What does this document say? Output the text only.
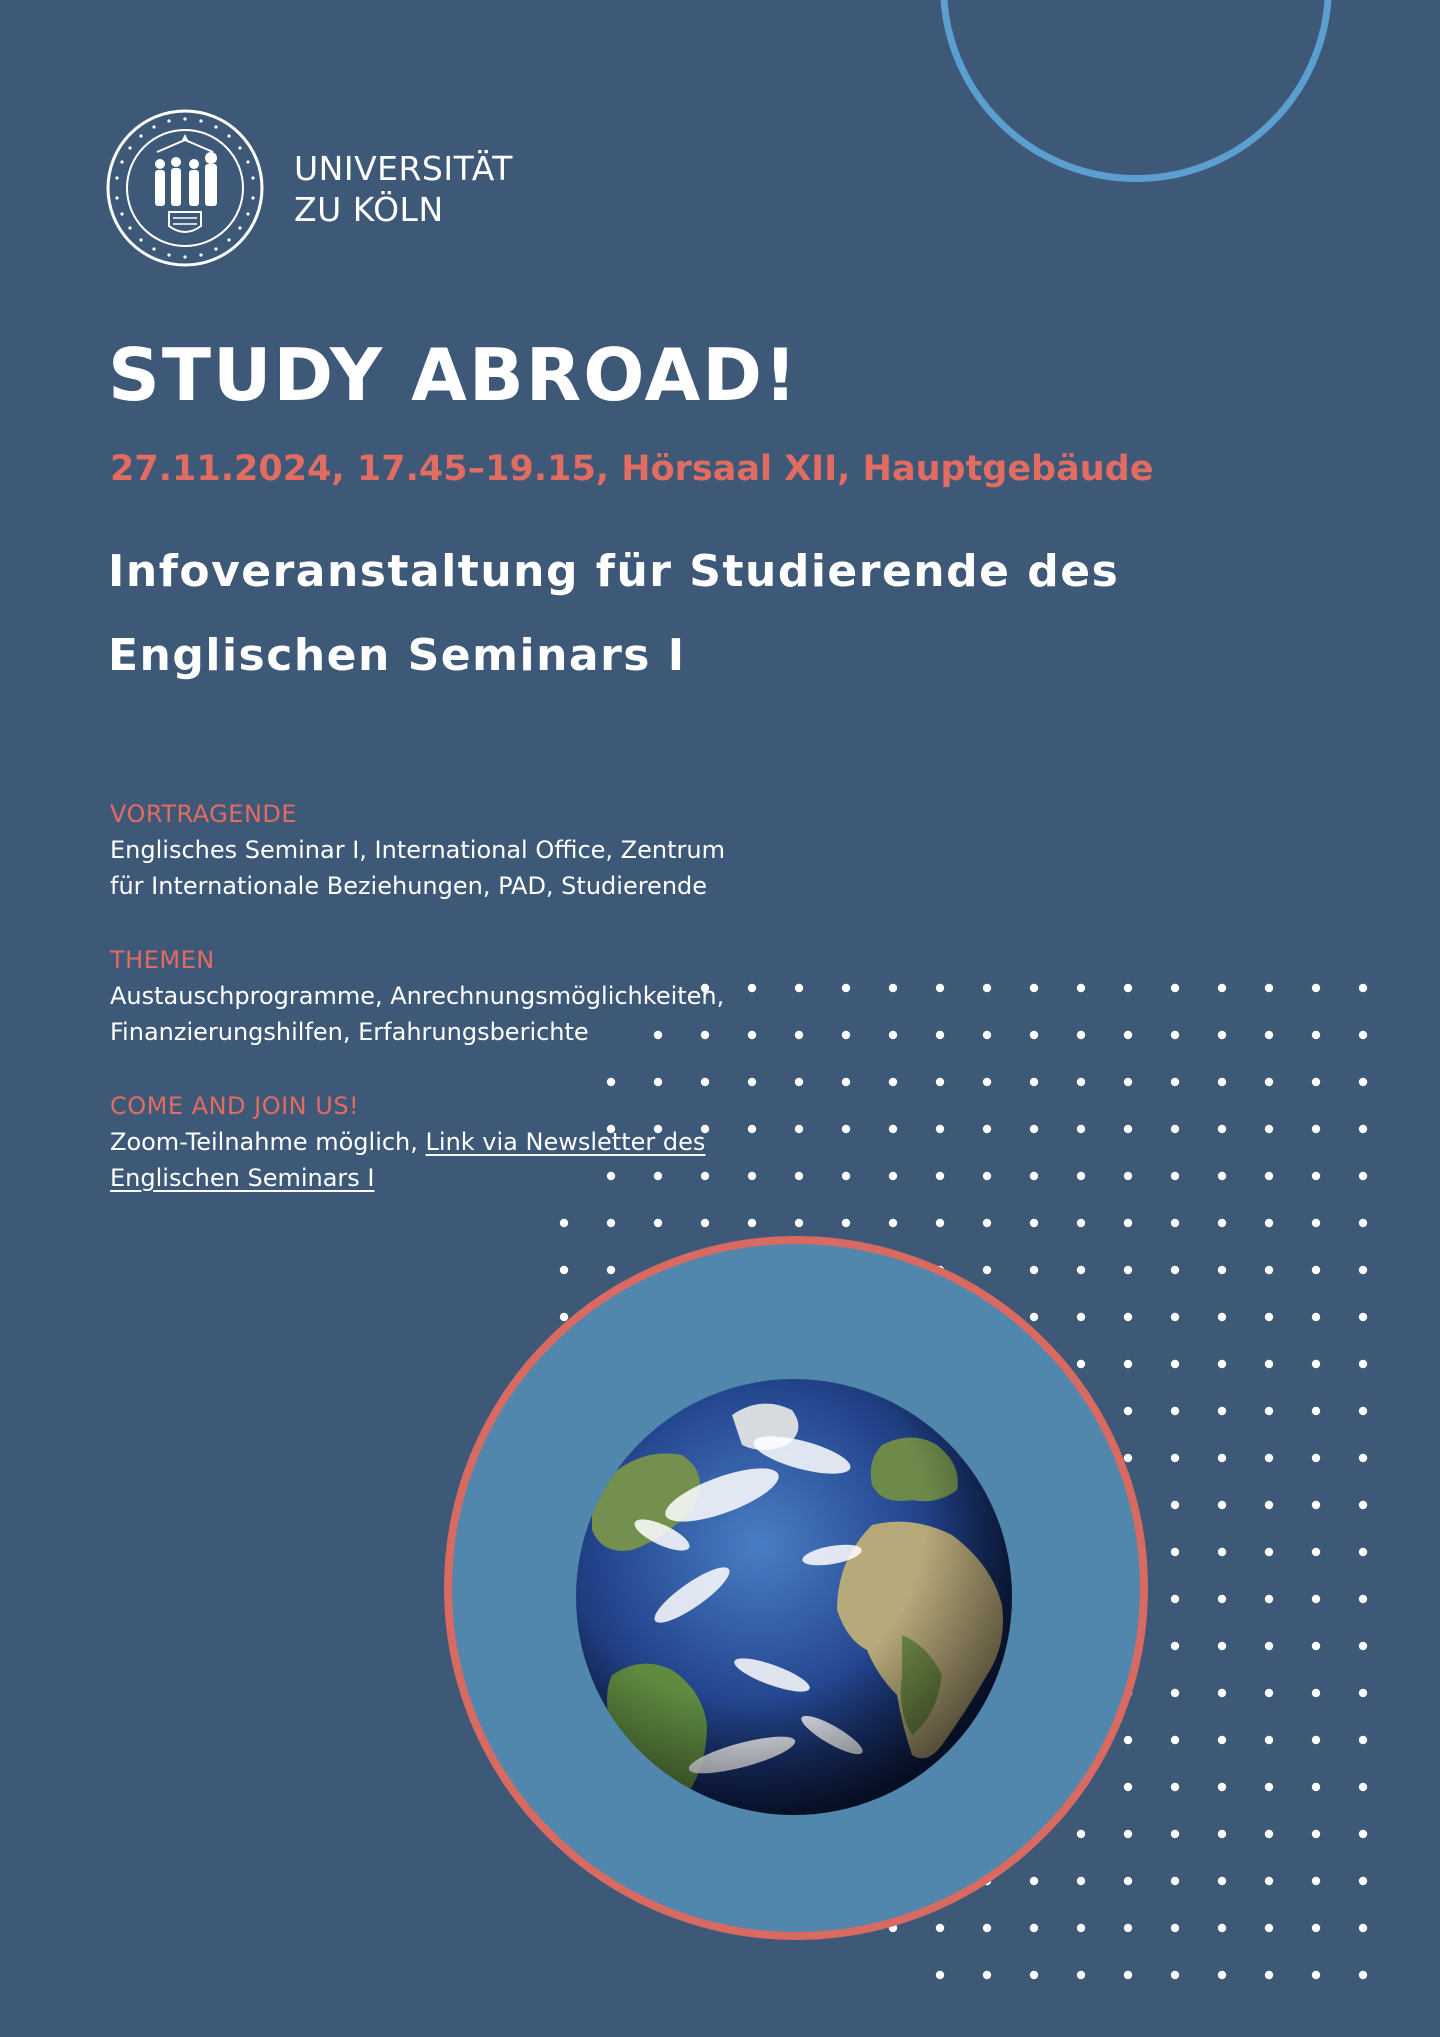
UNIVERSITÄT
ZU KÖLN
STUDY ABROAD!
27.11.2024, 17.45–19.15, Hörsaal XII, Hauptgebäude
Infoveranstaltung für Studierende des
Englischen Seminars I
VORTRAGENDE
Englisches Seminar I, International Office, Zentrum
für Internationale Beziehungen, PAD, Studierende
THEMEN
Austauschprogramme, Anrechnungsmöglichkeiten,
Finanzierungshilfen, Erfahrungsberichte
COME AND JOIN US!
Zoom-Teilnahme möglich, Link via Newsletter des
Englischen Seminars I
